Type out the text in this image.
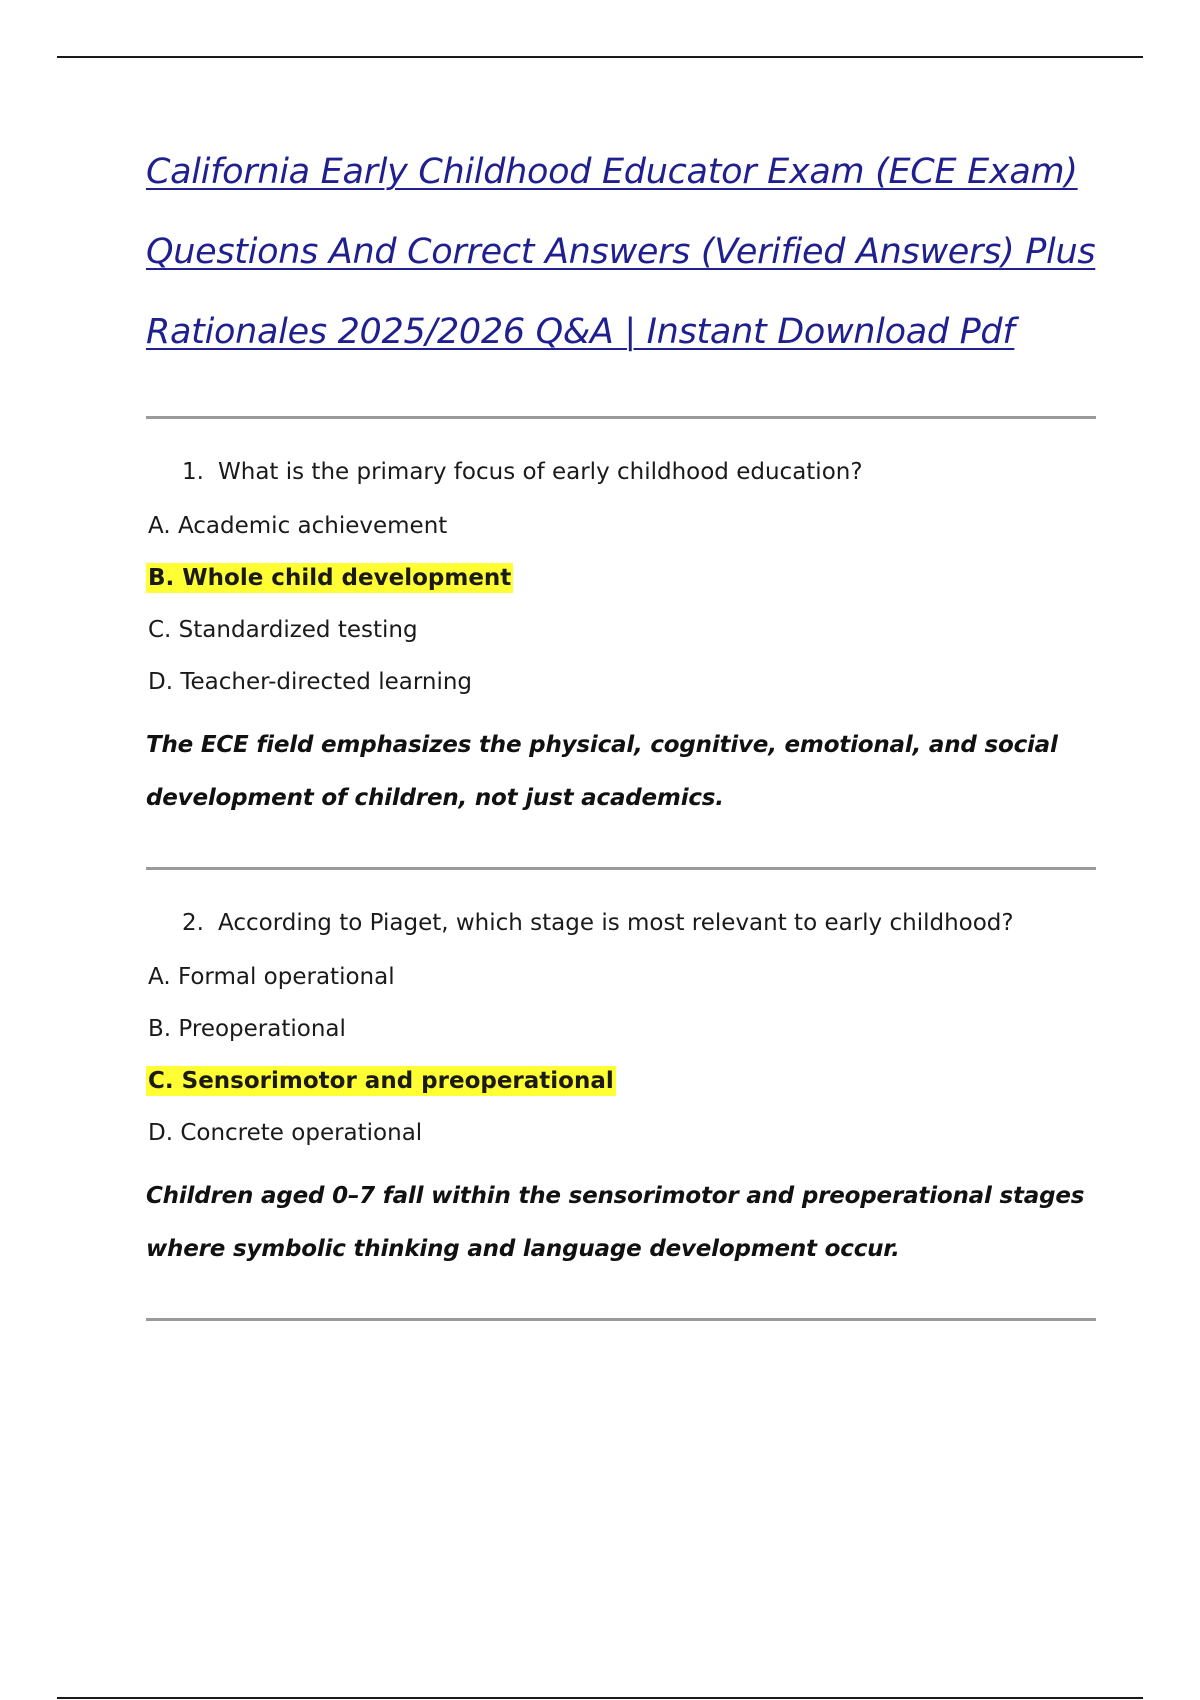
California Early Childhood Educator Exam (ECE Exam) Questions And Correct Answers (Verified Answers) Plus Rationales 2025/2026 Q&A | Instant Download Pdf

1. What is the primary focus of early childhood education?

A. Academic achievement
B. Whole child development
C. Standardized testing
D. Teacher-directed learning

The ECE field emphasizes the physical, cognitive, emotional, and social development of children, not just academics.

2. According to Piaget, which stage is most relevant to early childhood?

A. Formal operational
B. Preoperational
C. Sensorimotor and preoperational
D. Concrete operational

Children aged 0–7 fall within the sensorimotor and preoperational stages where symbolic thinking and language development occur.
